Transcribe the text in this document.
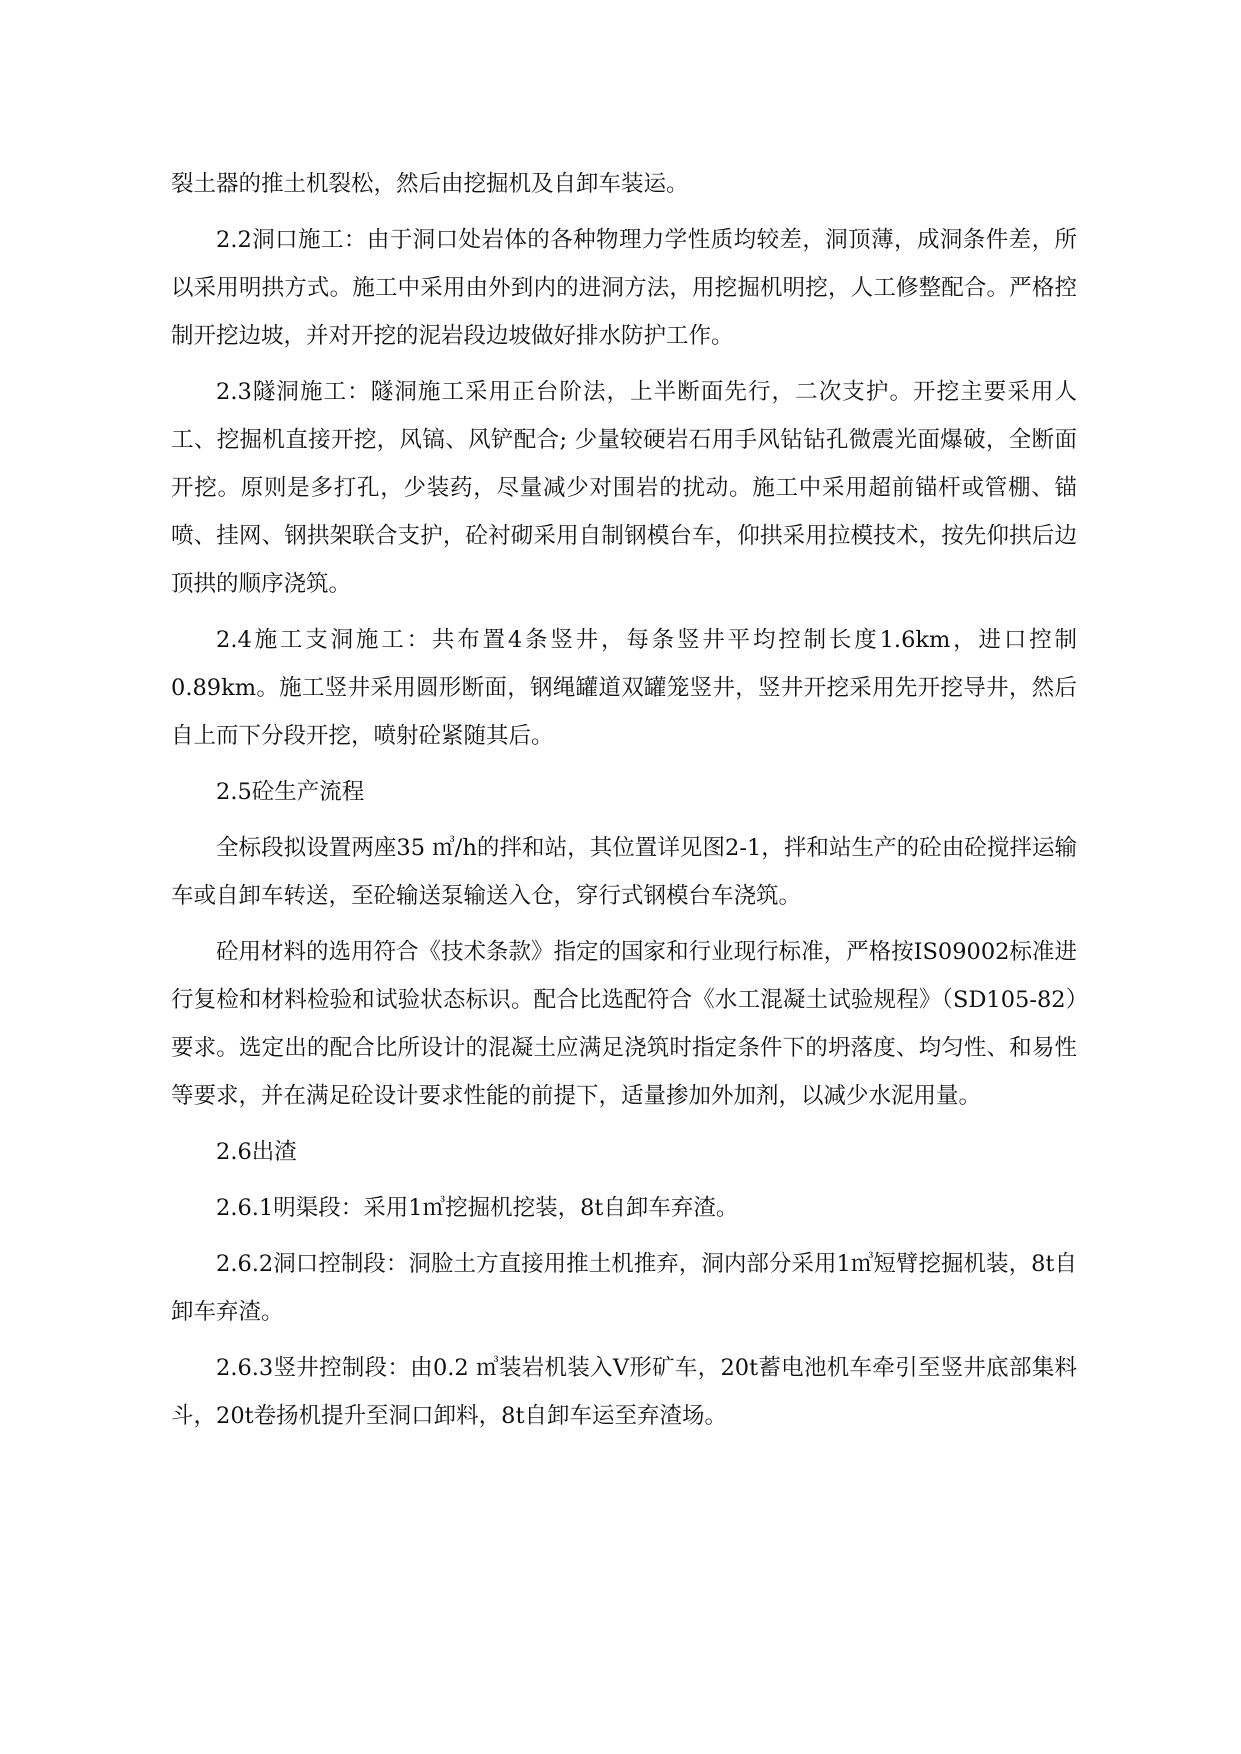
裂土器的推土机裂松，然后由挖掘机及自卸车装运。

2.2洞口施工：由于洞口处岩体的各种物理力学性质均较差，洞顶薄，成洞条件差，所以采用明拱方式。施工中采用由外到内的进洞方法，用挖掘机明挖，人工修整配合。严格控制开挖边坡，并对开挖的泥岩段边坡做好排水防护工作。

2.3隧洞施工：隧洞施工采用正台阶法，上半断面先行，二次支护。开挖主要采用人工、挖掘机直接开挖，风镐、风铲配合; 少量较硬岩石用手风钻钻孔微震光面爆破，全断面开挖。原则是多打孔，少装药，尽量减少对围岩的扰动。施工中采用超前锚杆或管棚、锚喷、挂网、钢拱架联合支护，砼衬砌采用自制钢模台车，仰拱采用拉模技术，按先仰拱后边顶拱的顺序浇筑。

2.4施工支洞施工：共布置4条竖井，每条竖井平均控制长度1.6km，进口控制0.89km。施工竖井采用圆形断面，钢绳罐道双罐笼竖井，竖井开挖采用先开挖导井，然后自上而下分段开挖，喷射砼紧随其后。

2.5砼生产流程

全标段拟设置两座35 ㎥/h的拌和站，其位置详见图2-1，拌和站生产的砼由砼搅拌运输车或自卸车转送，至砼输送泵输送入仓，穿行式钢模台车浇筑。

砼用材料的选用符合《技术条款》指定的国家和行业现行标准，严格按IS09002标准进行复检和材料检验和试验状态标识。配合比选配符合《水工混凝土试验规程》（SD105-82）要求。选定出的配合比所设计的混凝土应满足浇筑时指定条件下的坍落度、均匀性、和易性等要求，并在满足砼设计要求性能的前提下，适量掺加外加剂，以减少水泥用量。

2.6出渣

2.6.1明渠段：采用1㎥挖掘机挖装，8t自卸车弃渣。

2.6.2洞口控制段：洞脸土方直接用推土机推弃，洞内部分采用1㎥短臂挖掘机装，8t自卸车弃渣。

2.6.3竖井控制段：由0.2 ㎥装岩机装入V形矿车，20t蓄电池机车牵引至竖井底部集料斗，20t卷扬机提升至洞口卸料，8t自卸车运至弃渣场。
